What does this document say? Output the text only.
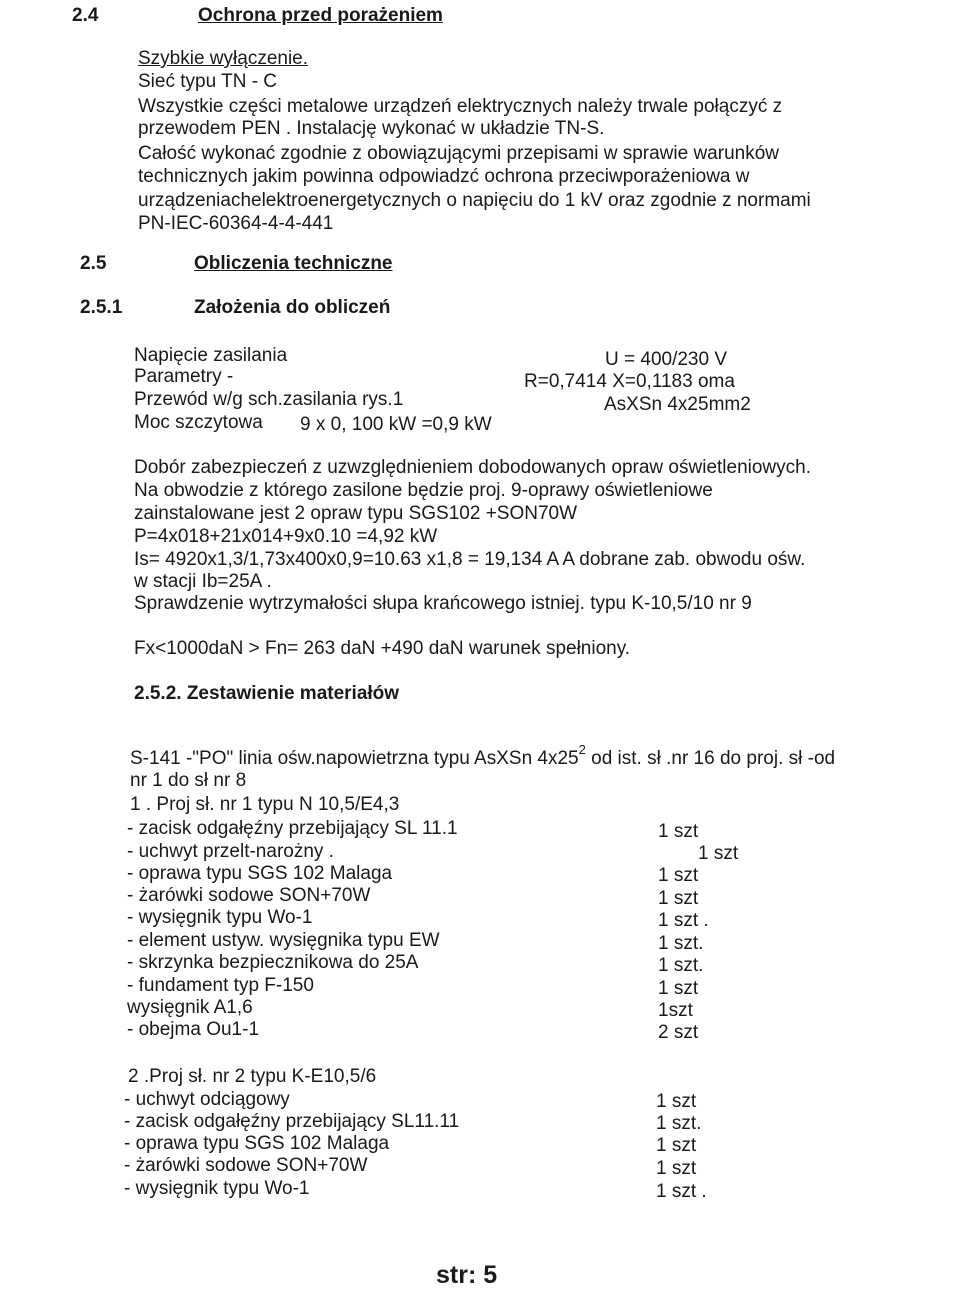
2.4	Ochrona przed porażeniem
Szybkie wyłączenie.
Sieć typu TN - C
Wszystkie części metalowe urządzeń elektrycznych należy trwale połączyć z
przewodem PEN . Instalację wykonać w układzie TN-S.
Całość wykonać zgodnie z obowiązującymi przepisami w sprawie warunków
technicznych jakim powinna odpowiadzć ochrona przeciwporażeniowa w
urządzeniachelektroenergetycznych o napięciu do 1 kV oraz zgodnie z normami
PN-IEC-60364-4-4-441
2.5	Obliczenia techniczne
2.5.1	Założenia do obliczeń
Napięcie zasilania	U = 400/230 V
Parametry -	R=0,7414 X=0,1183 oma
Przewód w/g sch.zasilania rys.1	AsXSn 4x25mm2
Moc szczytowa 9 x 0, 100 kW =0,9 kW
Dobór zabezpieczeń z uzwzględnieniem dobodowanych opraw oświetleniowych.
Na obwodzie z którego zasilone będzie proj. 9-oprawy oświetleniowe
zainstalowane jest 2 opraw typu SGS102 +SON70W
P=4x018+21x014+9x0.10 =4,92 kW
Is= 4920x1,3/1,73x400x0,9=10.63 x1,8 = 19,134 A A dobrane zab. obwodu ośw.
w stacji Ib=25A .
Sprawdzenie wytrzymałości słupa krańcowego istniej. typu K-10,5/10 nr 9
Fx<1000daN > Fn= 263 daN +490 daN warunek spełniony.
2.5.2. Zestawienie materiałów
S-141 -"PO" linia ośw.napowietrzna typu AsXSn $4x25^2$ od ist. sł .nr 16 do proj. sł -od
nr 1 do sł nr 8
1 . Proj sł. nr 1 typu N 10,5/E4,3
- zacisk odgałęźny przebijający SL 11.1	1 szt
- uchwyt przelt-narożny .	1 szt
- oprawa typu SGS 102 Malaga	1 szt
- żarówki sodowe SON+70W	1 szt
- wysięgnik typu Wo-1	1 szt .
- element ustyw. wysięgnika typu EW	1 szt.
- skrzynka bezpiecznikowa do 25A	1 szt.
- fundament typ F-150	1 szt
wysięgnik A1,6	1szt
- obejma Ou1-1	2 szt
2 .Proj sł. nr 2 typu K-E10,5/6
- uchwyt odciągowy	1 szt
- zacisk odgałęźny przebijający SL11.11	1 szt.
- oprawa typu SGS 102 Malaga	1 szt
- żarówki sodowe SON+70W	1 szt
- wysięgnik typu Wo-1	1 szt .
str: 5
